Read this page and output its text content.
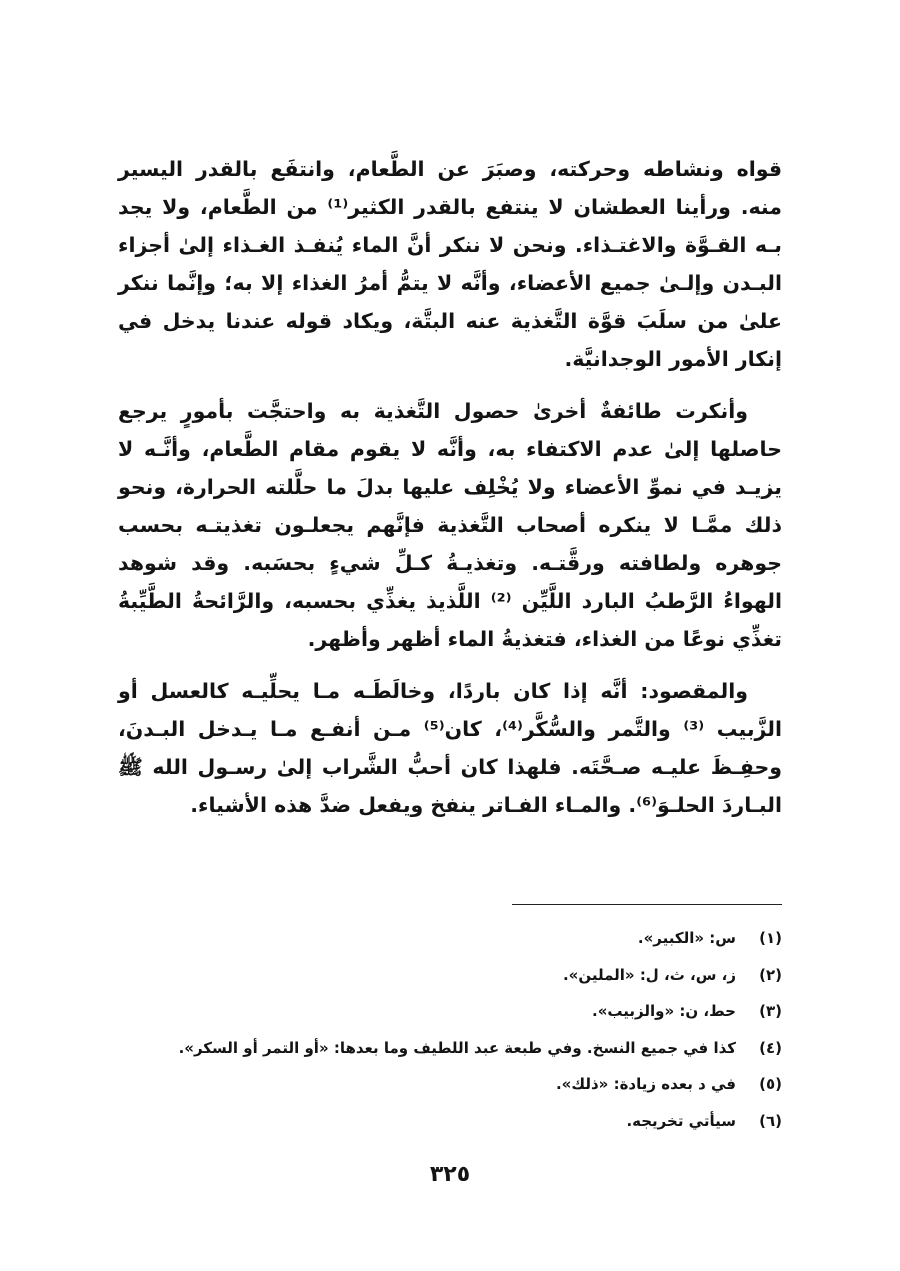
قواه ونشاطه وحركته، وصبَرَ عن الطَّعام، وانتفَع بالقدر اليسير منه. ورأينا العطشان لا ينتفع بالقدر الكثير⁽¹⁾ من الطَّعام، ولا يجد بـه القـوَّة والاغتـذاء. ونحن لا ننكر أنَّ الماء يُنفـذ الغـذاء إلىٰ أجزاء البـدن وإلـىٰ جميع الأعضاء، وأنَّه لا يتمُّ أمرُ الغذاء إلا به؛ وإنَّما ننكر علىٰ من سلَبَ قوَّة التَّغذية عنه البتَّة، ويكاد قوله عندنا يدخل في إنكار الأمور الوجدانيَّة.

وأنكرت طائفةٌ أخرىٰ حصول التَّغذية به واحتجَّت بأمورٍ يرجع حاصلها إلىٰ عدم الاكتفاء به، وأنَّه لا يقوم مقام الطَّعام، وأنَّـه لا يزيـد في نموِّ الأعضاء ولا يُخْلِف عليها بدلَ ما حلَّلته الحرارة، ونحو ذلك ممَّـا لا ينكره أصحاب التَّغذية فإنَّهم يجعلـون تغذيتـه بحسب جوهره ولطافته ورقَّتـه. وتغذيـةُ كـلِّ شيءٍ بحسَبه. وقد شوهد الهواءُ الرَّطبُ البارد اللَّيِّن ⁽²⁾ اللَّذيذ يغذِّي بحسبه، والرَّائحةُ الطَّيِّبةُ تغذِّي نوعًا من الغذاء، فتغذيةُ الماء أظهر وأظهر.

والمقصود: أنَّه إذا كان باردًا، وخالَطَـه مـا يحلِّيـه كالعسل أو الزَّبيب ⁽³⁾ والتَّمر والسُّكَّر⁽⁴⁾، كان⁽⁵⁾ مـن أنفـع مـا يـدخل البـدنَ، وحفِـظَ عليـه صـحَّتَه. فلهذا كان أحبُّ الشَّراب إلىٰ رسـول الله ﷺ البـاردَ الحلـوَ⁽⁶⁾. والمـاء الفـاتر ينفخ ويفعل ضدَّ هذه الأشياء.

(١)
س: «الكبير».
(٢)
ز، س، ث، ل: «الملين».
(٣)
حط، ن: «والزبيب».
(٤)
كذا في جميع النسخ. وفي طبعة عبد اللطيف وما بعدها: «أو التمر أو السكر».
(٥)
في د بعده زيادة: «ذلك».
(٦)
سيأتي تخريجه.
٣٢٥
